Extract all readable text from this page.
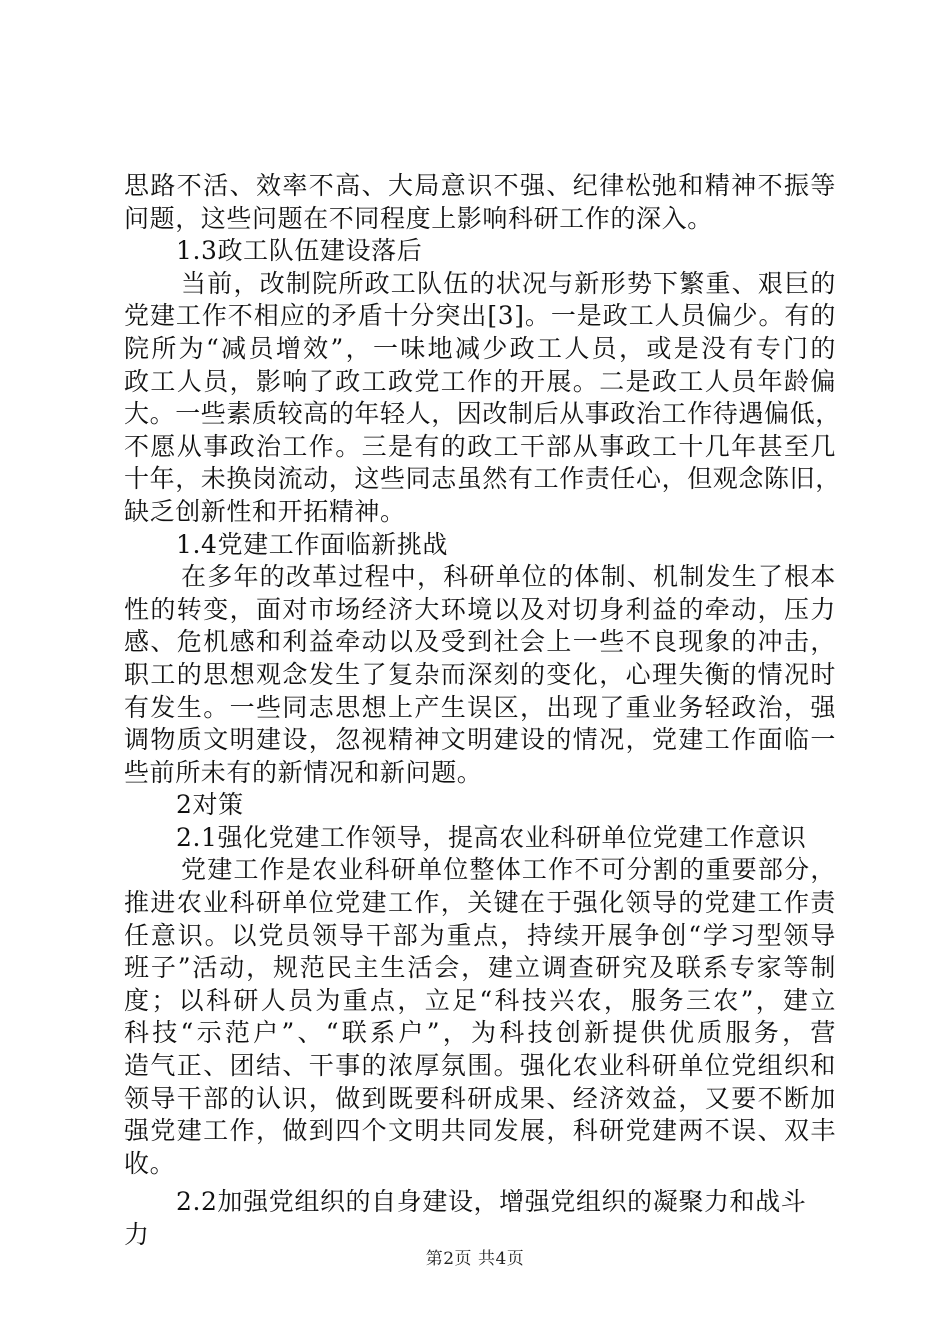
思路不活、效率不高、大局意识不强、纪律松弛和精神不振等
问题，这些问题在不同程度上影响科研工作的深入。
1.3政工队伍建设落后
当前，改制院所政工队伍的状况与新形势下繁重、艰巨的
党建工作不相应的矛盾十分突出[3]。一是政工人员偏少。有的
院所为“减员增效”，一味地减少政工人员，或是没有专门的
政工人员，影响了政工政党工作的开展。二是政工人员年龄偏
大。一些素质较高的年轻人，因改制后从事政治工作待遇偏低，
不愿从事政治工作。三是有的政工干部从事政工十几年甚至几
十年，未换岗流动，这些同志虽然有工作责任心，但观念陈旧，
缺乏创新性和开拓精神。
1.4党建工作面临新挑战
在多年的改革过程中，科研单位的体制、机制发生了根本
性的转变，面对市场经济大环境以及对切身利益的牵动，压力
感、危机感和利益牵动以及受到社会上一些不良现象的冲击，
职工的思想观念发生了复杂而深刻的变化，心理失衡的情况时
有发生。一些同志思想上产生误区，出现了重业务轻政治，强
调物质文明建设，忽视精神文明建设的情况，党建工作面临一
些前所未有的新情况和新问题。
2对策
2.1强化党建工作领导，提高农业科研单位党建工作意识
党建工作是农业科研单位整体工作不可分割的重要部分，
推进农业科研单位党建工作，关键在于强化领导的党建工作责
任意识。以党员领导干部为重点，持续开展争创“学习型领导
班子”活动，规范民主生活会，建立调查研究及联系专家等制
度；以科研人员为重点，立足“科技兴农，服务三农”，建立
科技“示范户”、“联系户”，为科技创新提供优质服务，营
造气正、团结、干事的浓厚氛围。强化农业科研单位党组织和
领导干部的认识，做到既要科研成果、经济效益，又要不断加
强党建工作，做到四个文明共同发展，科研党建两不误、双丰
收。
2.2加强党组织的自身建设，增强党组织的凝聚力和战斗
力
第2页 共4页
